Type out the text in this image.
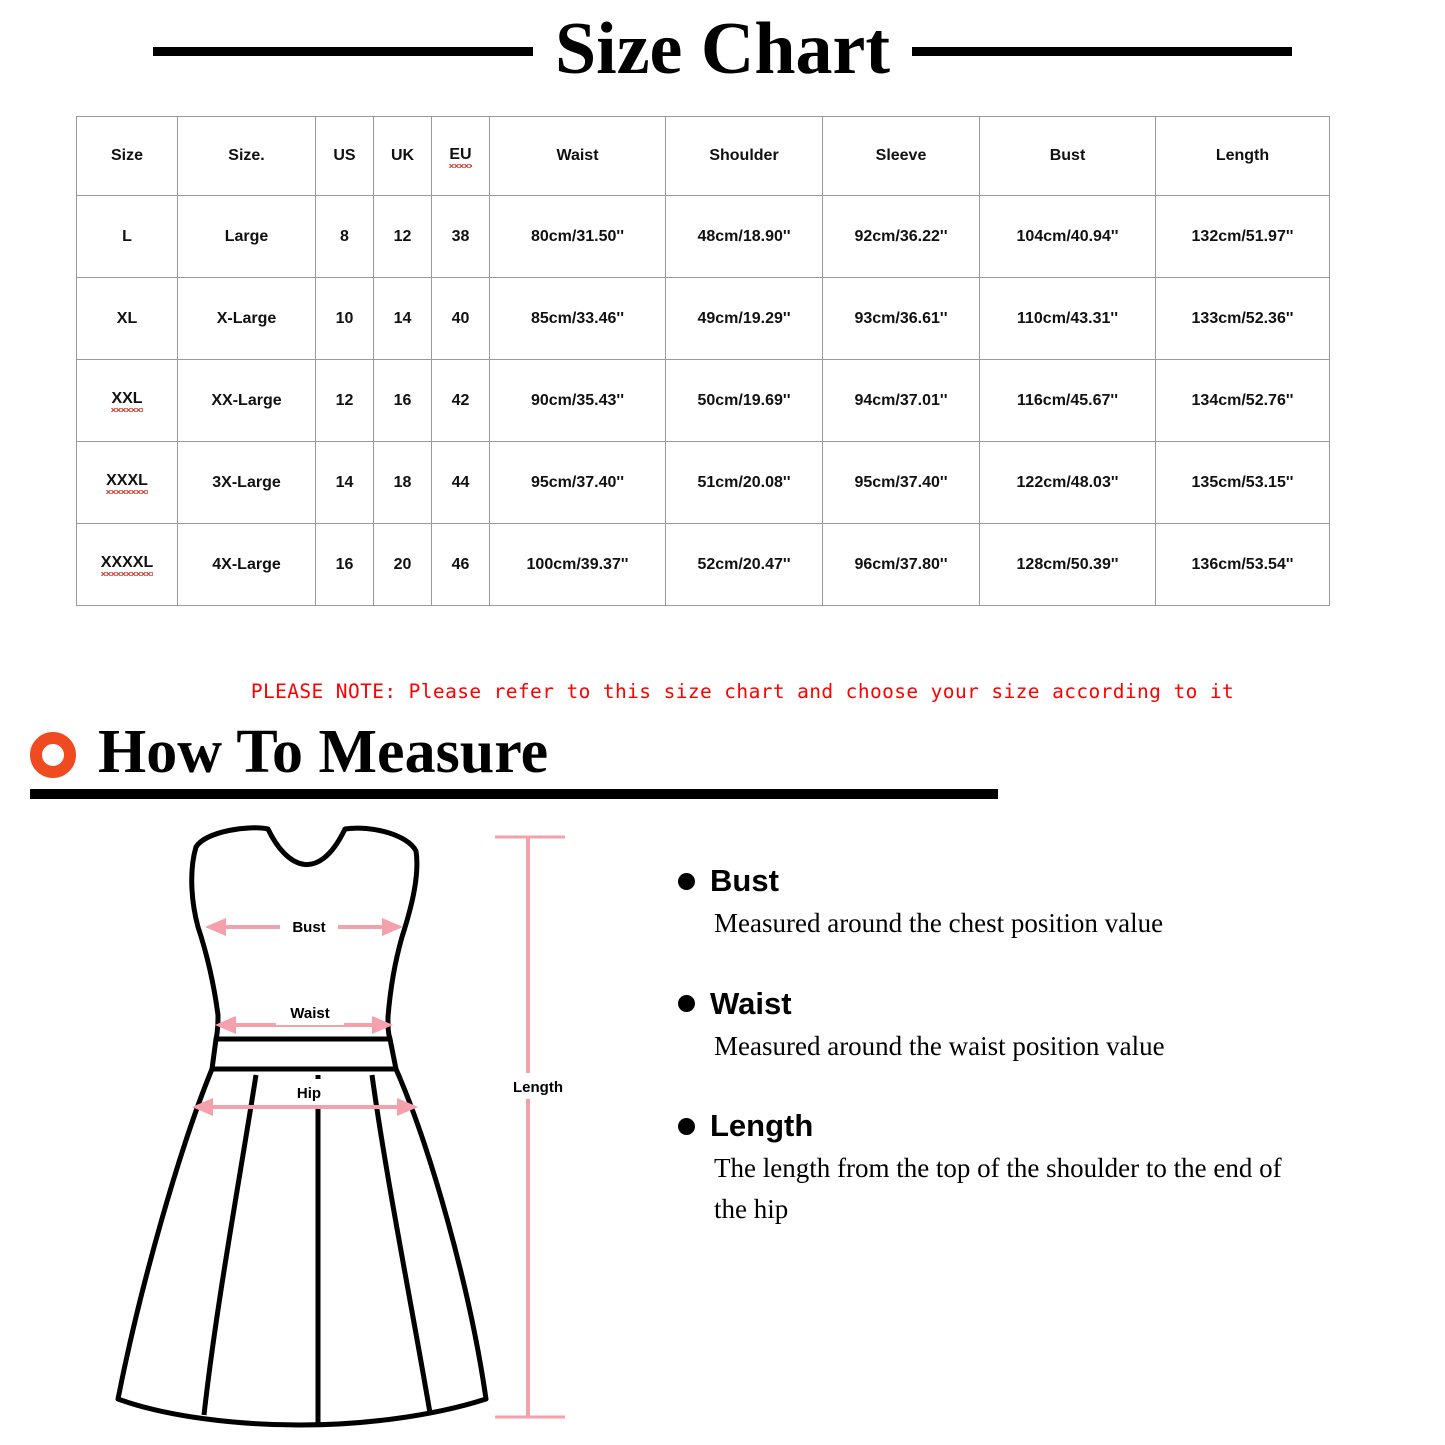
Size Chart
Size	Size.	US	UK	EU	Waist	Shoulder	Sleeve	Bust	Length
L	Large	8	12	38	80cm/31.50''	48cm/18.90''	92cm/36.22''	104cm/40.94''	132cm/51.97''
XL	X-Large	10	14	40	85cm/33.46''	49cm/19.29''	93cm/36.61''	110cm/43.31''	133cm/52.36''
XXL	XX-Large	12	16	42	90cm/35.43''	50cm/19.69''	94cm/37.01''	116cm/45.67''	134cm/52.76''
XXXL	3X-Large	14	18	44	95cm/37.40''	51cm/20.08''	95cm/37.40''	122cm/48.03''	135cm/53.15''
XXXXL	4X-Large	16	20	46	100cm/39.37''	52cm/20.47''	96cm/37.80''	128cm/50.39''	136cm/53.54''
PLEASE NOTE: Please refer to this size chart and choose your size according to it
How To Measure
Bust
Waist
Hip	Length
Bust
Measured around the chest position value
Waist
Measured around the waist position value
Length
The length from the top of the shoulder to the end of the hip
